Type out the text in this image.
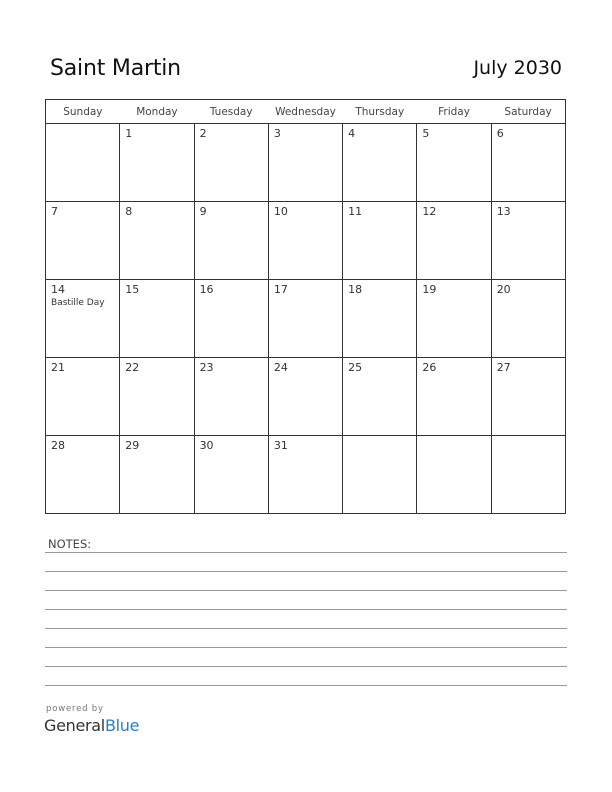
Saint Martin	July 2030
Sunday	Monday	Tuesday	Wednesday	Thursday	Friday	Saturday

	1	2	3	4	5	6

7	8	9	10	11	12	13

14
Bastille Day	15	16	17	18	19	20

21	22	23	24	25	26	27

28	29	30	31			

NOTES:
powered by
GeneralBlue
